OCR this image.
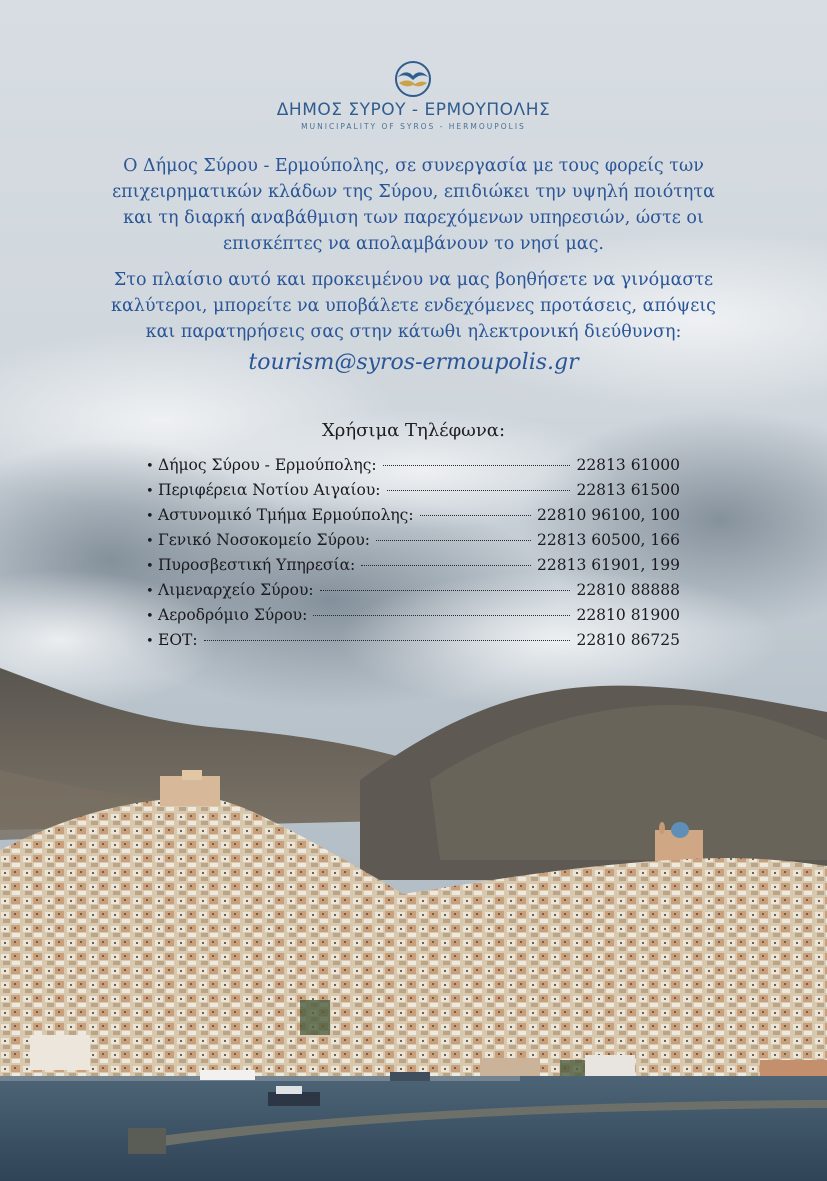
ΔΗΜΟΣ ΣΥΡΟΥ - ΕΡΜΟΥΠΟΛΗΣ
MUNICIPALITY OF SYROS - HERMOUPOLIS
Ο Δήμος Σύρου - Ερμούπολης, σε συνεργασία με τους φορείς των
επιχειρηματικών κλάδων της Σύρου, επιδιώκει την υψηλή ποιότητα
και τη διαρκή αναβάθμιση των παρεχόμενων υπηρεσιών, ώστε οι
επισκέπτες να απολαμβάνουν το νησί μας.
Στο πλαίσιο αυτό και προκειμένου να μας βοηθήσετε να γινόμαστε
καλύτεροι, μπορείτε να υποβάλετε ενδεχόμενες προτάσεις, απόψεις
και παρατηρήσεις σας στην κάτωθι ηλεκτρονική διεύθυνση:
tourism@syros-ermoupolis.gr
Χρήσιμα Τηλέφωνα:
• Δήμος Σύρου - Ερμούπολης:	22813 61000
• Περιφέρεια Νοτίου Αιγαίου:	22813 61500
• Αστυνομικό Τμήμα Ερμούπολης:	22810 96100, 100
• Γενικό Νοσοκομείο Σύρου:	22813 60500, 166
• Πυροσβεστική Υπηρεσία:	22813 61901, 199
• Λιμεναρχείο Σύρου:	22810 88888
• Αεροδρόμιο Σύρου:	22810 81900
• ΕΟΤ:	22810 86725
